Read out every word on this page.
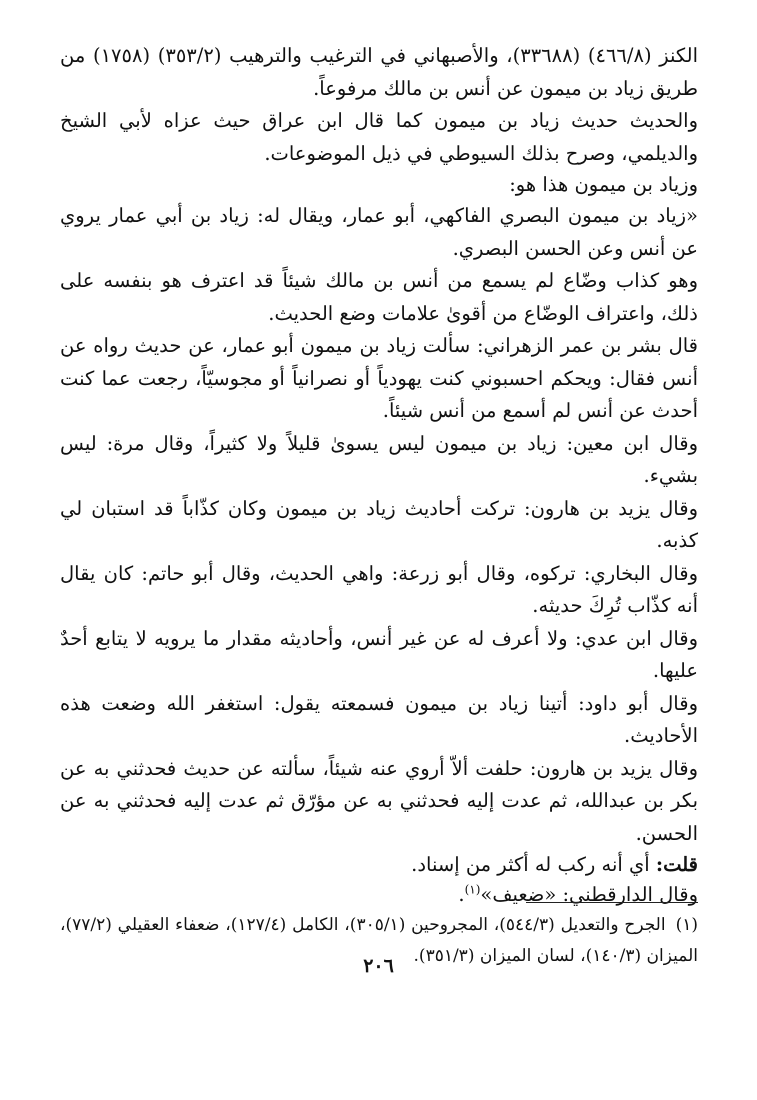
الكنز (٤٦٦/٨) (٣٣٦٨٨)، والأصبهاني في الترغيب والترهيب (٣٥٣/٢) (١٧٥٨) من طريق زياد بن ميمون عن أنس بن مالك مرفوعاً.

والحديث حديث زياد بن ميمون كما قال ابن عراق حيث عزاه لأبي الشيخ والديلمي، وصرح بذلك السيوطي في ذيل الموضوعات.

وزياد بن ميمون هذا هو:

«زياد بن ميمون البصري الفاكهي، أبو عمار، ويقال له: زياد بن أبي عمار يروي عن أنس وعن الحسن البصري.

وهو كذاب وضّاع لم يسمع من أنس بن مالك شيئاً قد اعترف هو بنفسه على ذلك، واعتراف الوضّاع من أقوىٰ علامات وضع الحديث.

قال بشر بن عمر الزهراني: سألت زياد بن ميمون أبو عمار، عن حديث رواه عن أنس فقال: ويحكم احسبوني كنت يهودياً أو نصرانياً أو مجوسيّاً، رجعت عما كنت أحدث عن أنس لم أسمع من أنس شيئاً.

وقال ابن معين: زياد بن ميمون ليس يسوىٰ قليلاً ولا كثيراً، وقال مرة: ليس بشيء.

وقال يزيد بن هارون: تركت أحاديث زياد بن ميمون وكان كذّاباً قد استبان لي كذبه.

وقال البخاري: تركوه، وقال أبو زرعة: واهي الحديث، وقال أبو حاتم: كان يقال أنه كذّاب تُرِكَ حديثه.

وقال ابن عدي: ولا أعرف له عن غير أنس، وأحاديثه مقدار ما يرويه لا يتابع أحدٌ عليها.

وقال أبو داود: أتينا زياد بن ميمون فسمعته يقول: استغفر الله وضعت هذه الأحاديث.

وقال يزيد بن هارون: حلفت ألاّ أروي عنه شيئاً، سألته عن حديث فحدثني به عن بكر بن عبدالله، ثم عدت إليه فحدثني به عن مؤرّق ثم عدت إليه فحدثني به عن الحسن.

قلت: أي أنه ركب له أكثر من إسناد.

وقال الدارقطني: «ضعيف»$^{(١)}$.

(١)الجرح والتعديل (٥٤٤/٣)، المجروحين (٣٠٥/١)، الكامل (١٢٧/٤)، ضعفاء العقيلي (٧٧/٢)، الميزان (١٤٠/٣)، لسان الميزان (٣٥١/٣).

٢٠٦
